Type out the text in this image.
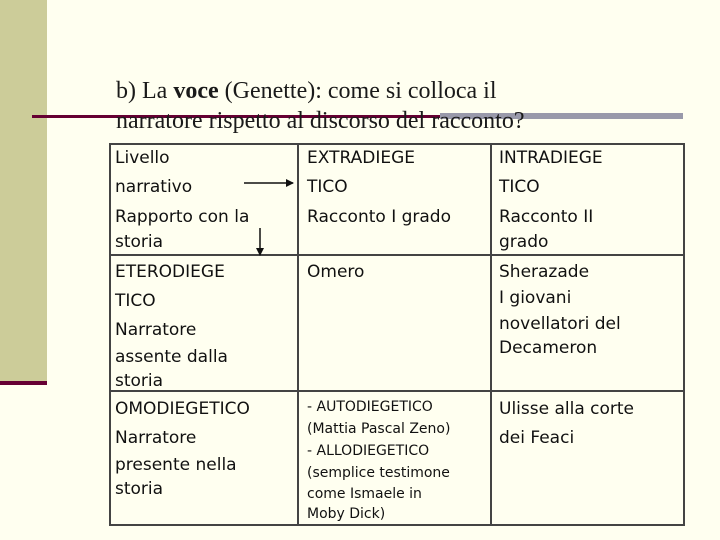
b) La voce (Genette): come si colloca il
narratore rispetto al discorso del racconto?
Livello
narrativo
Rapporto con la
storia
EXTRADIEGE
TICO
Racconto I grado
INTRADIEGE
TICO
Racconto II
grado
ETERODIEGE
TICO
Narratore
assente dalla
storia
Omero	Sherazade
I giovani
novellatori del
Decameron
OMODIEGETICO
Narratore
presente nella
storia
- AUTODIEGETICO
(Mattia Pascal Zeno)
- ALLODIEGETICO
(semplice testimone
come Ismaele in
Moby Dick)
Ulisse alla corte
dei Feaci
